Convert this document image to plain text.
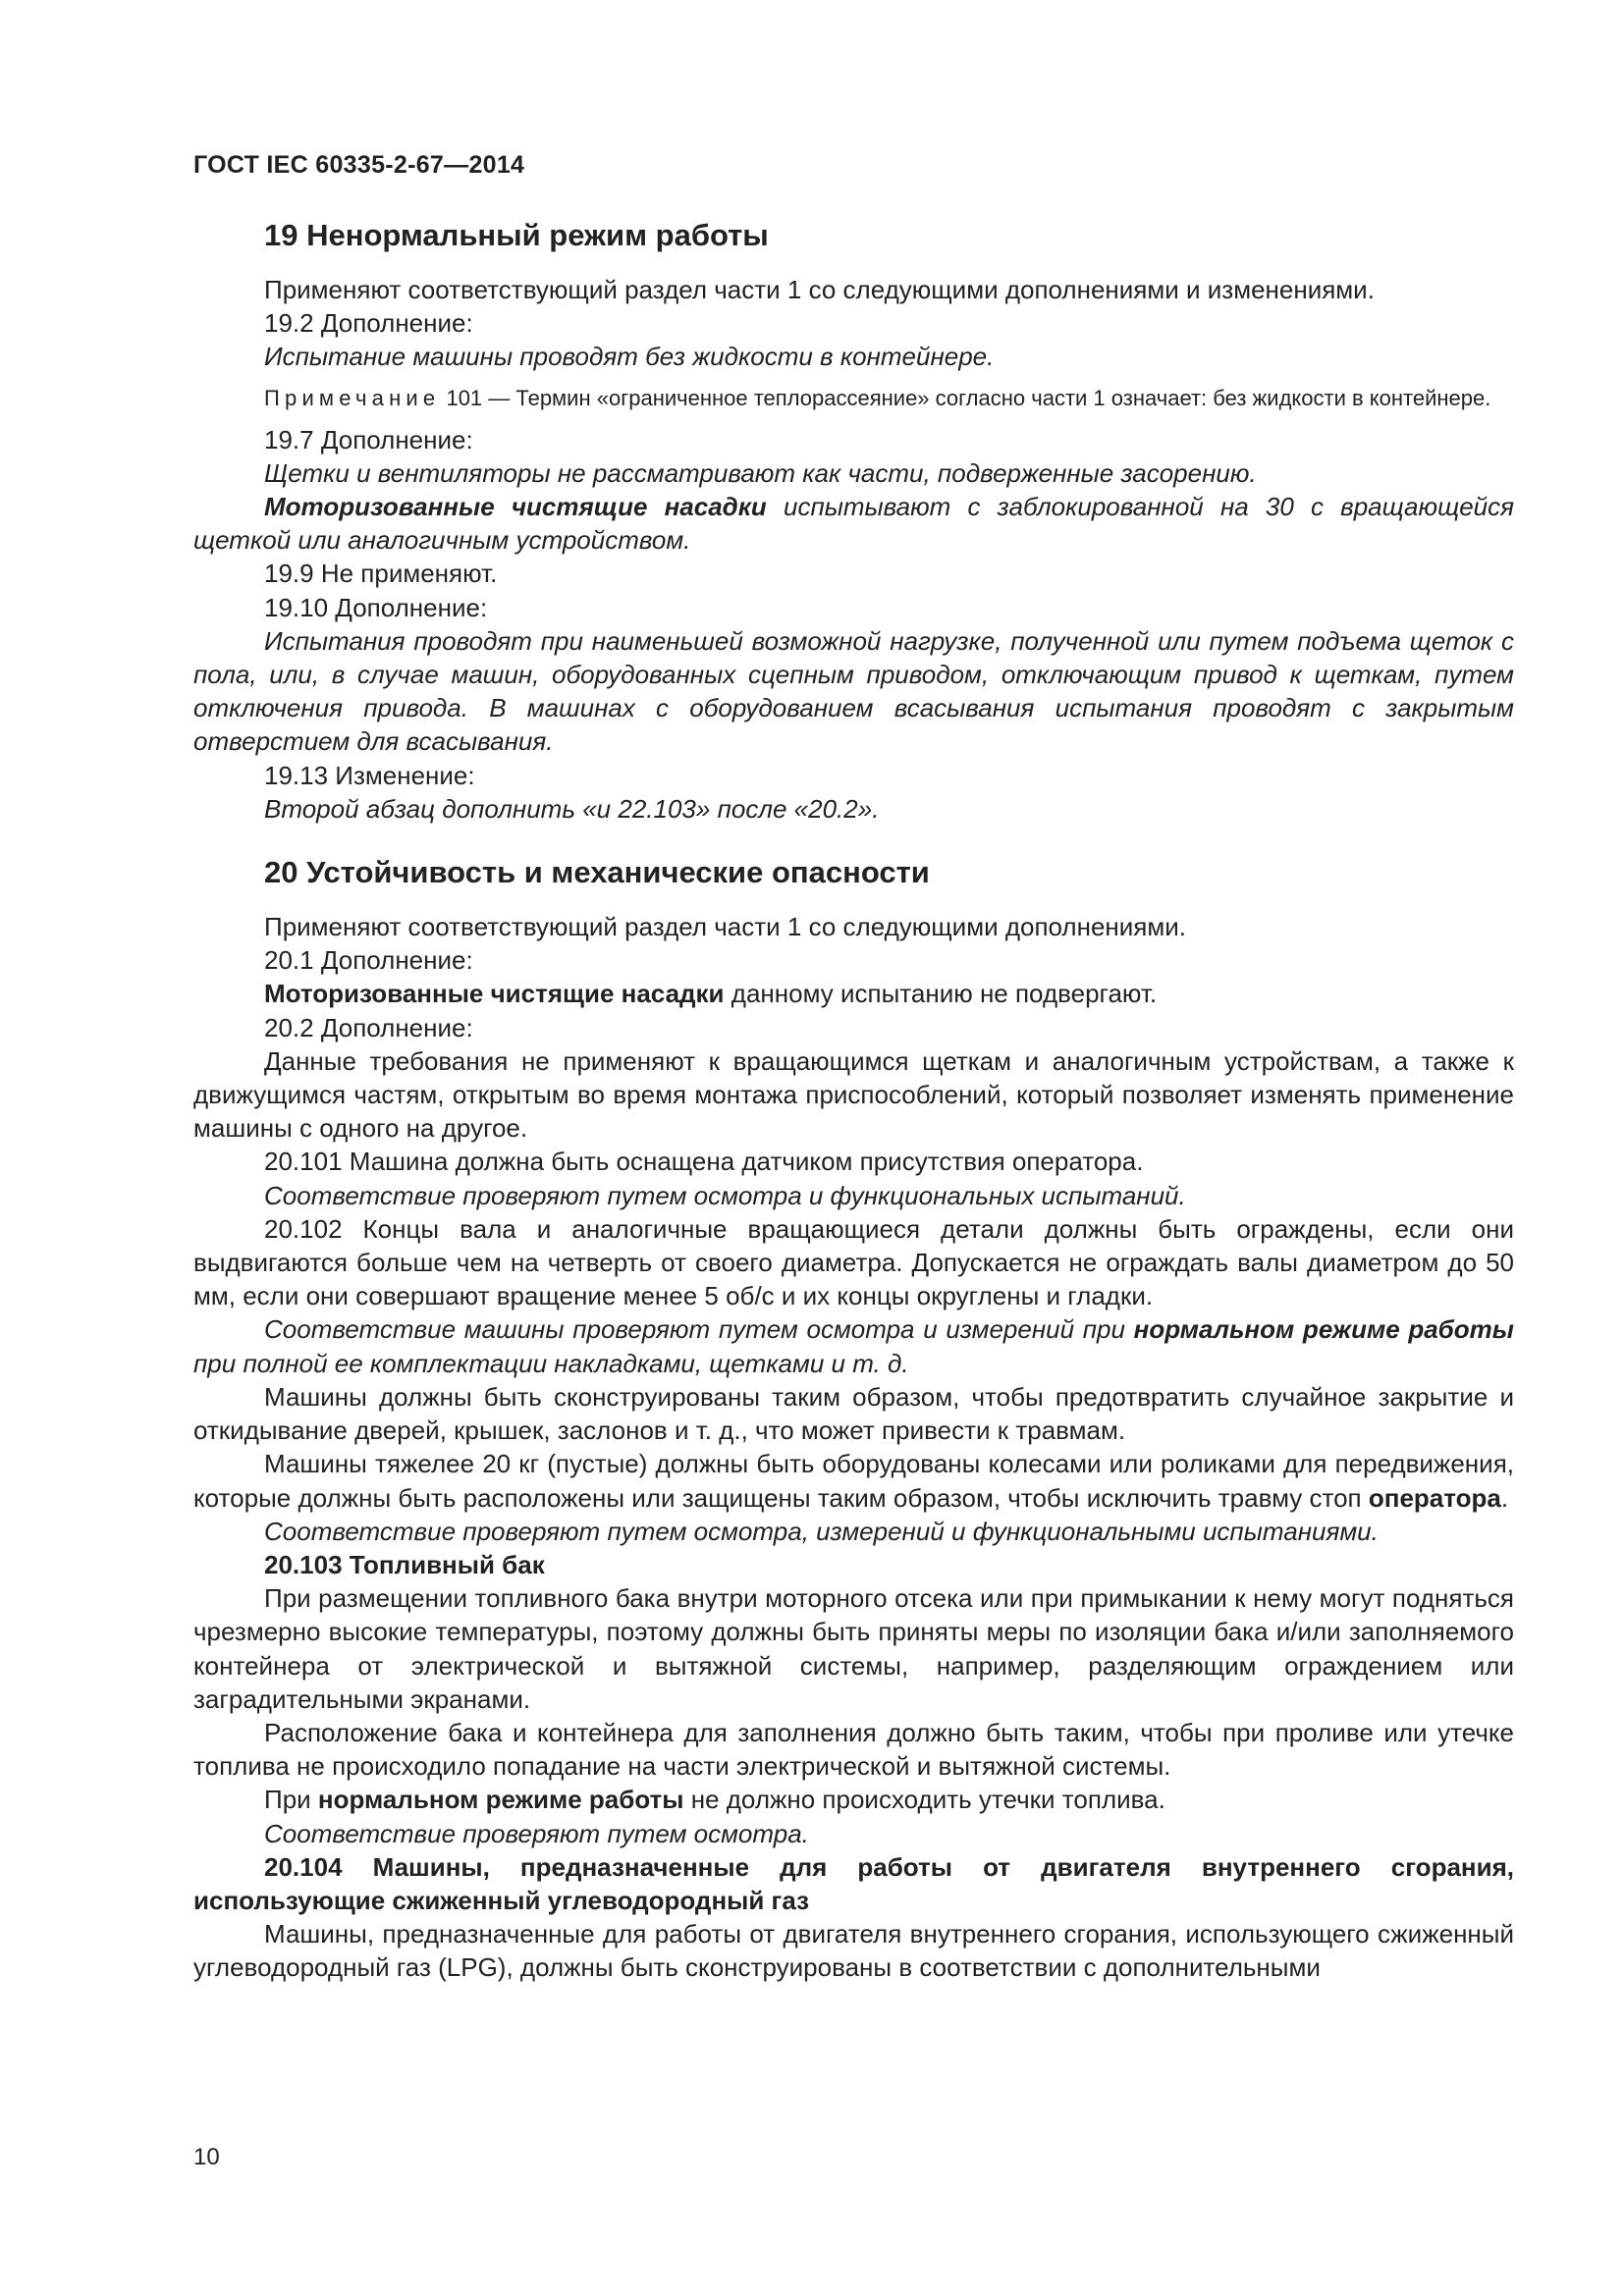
ГОСТ IEC 60335-2-67—2014
19 Ненормальный режим работы

Применяют соответствующий раздел части 1 со следующими дополнениями и изменениями.

19.2 Дополнение:

Испытание машины проводят без жидкости в контейнере.

Примечание 101 — Термин «ограниченное теплорассеяние» согласно части 1 означает: без жидкости в контейнере.

19.7 Дополнение:

Щетки и вентиляторы не рассматривают как части, подверженные засорению.

Моторизованные чистящие насадки испытывают с заблокированной на 30 с вращающейся щеткой или аналогичным устройством.

19.9 Не применяют.

19.10 Дополнение:

Испытания проводят при наименьшей возможной нагрузке, полученной или путем подъема щеток с пола, или, в случае машин, оборудованных сцепным приводом, отключающим привод к щеткам, путем отключения привода. В машинах с оборудованием всасывания испытания проводят с закрытым отверстием для всасывания.

19.13 Изменение:

Второй абзац дополнить «и 22.103» после «20.2».

20 Устойчивость и механические опасности

Применяют соответствующий раздел части 1 со следующими дополнениями.

20.1 Дополнение:

Моторизованные чистящие насадки данному испытанию не подвергают.

20.2 Дополнение:

Данные требования не применяют к вращающимся щеткам и аналогичным устройствам, а также к движущимся частям, открытым во время монтажа приспособлений, который позволяет изменять применение машины с одного на другое.

20.101 Машина должна быть оснащена датчиком присутствия оператора.

Соответствие проверяют путем осмотра и функциональных испытаний.

20.102 Концы вала и аналогичные вращающиеся детали должны быть ограждены, если они выдвигаются больше чем на четверть от своего диаметра. Допускается не ограждать валы диаметром до 50 мм, если они совершают вращение менее 5 об/с и их концы округлены и гладки.

Соответствие машины проверяют путем осмотра и измерений при нормальном режиме работы при полной ее комплектации накладками, щетками и т. д.

Машины должны быть сконструированы таким образом, чтобы предотвратить случайное закрытие и откидывание дверей, крышек, заслонов и т. д., что может привести к травмам.

Машины тяжелее 20 кг (пустые) должны быть оборудованы колесами или роликами для передвижения, которые должны быть расположены или защищены таким образом, чтобы исключить травму стоп оператора.

Соответствие проверяют путем осмотра, измерений и функциональными испытаниями.

20.103 Топливный бак

При размещении топливного бака внутри моторного отсека или при примыкании к нему могут подняться чрезмерно высокие температуры, поэтому должны быть приняты меры по изоляции бака и/или заполняемого контейнера от электрической и вытяжной системы, например, разделяющим ограждением или заградительными экранами.

Расположение бака и контейнера для заполнения должно быть таким, чтобы при проливе или утечке топлива не происходило попадание на части электрической и вытяжной системы.

При нормальном режиме работы не должно происходить утечки топлива.

Соответствие проверяют путем осмотра.

20.104 Машины, предназначенные для работы от двигателя внутреннего сгорания, использующие сжиженный углеводородный газ

Машины, предназначенные для работы от двигателя внутреннего сгорания, использующего сжиженный углеводородный газ (LPG), должны быть сконструированы в соответствии с дополнительными

10
